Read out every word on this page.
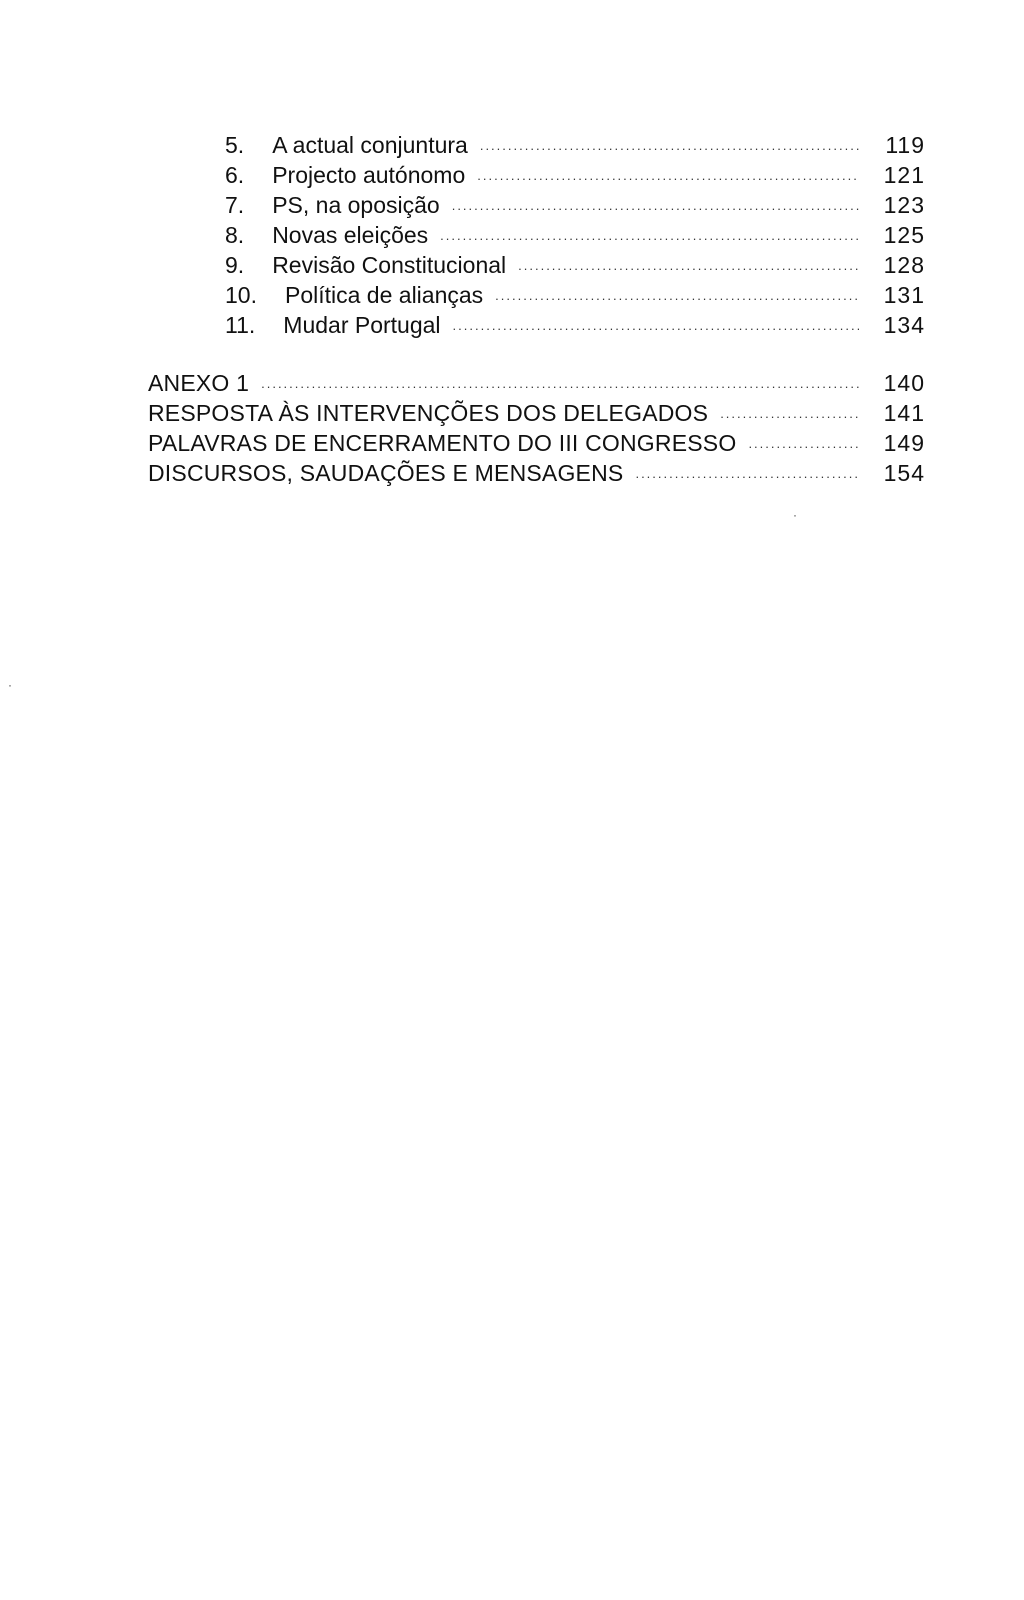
5. A actual conjuntura .....	119
6. Projecto autónomo .....	121
7. PS, na oposição .....	123
8. Novas eleições .....	125
9. Revisão Constitucional .....	128
10. Política de alianças .....	131
11. Mudar Portugal .....	134
ANEXO 1 .....	140
RESPOSTA ÀS INTERVENÇÕES DOS DELEGADOS .....	141
PALAVRAS DE ENCERRAMENTO DO III CONGRESSO .....	149
DISCURSOS, SAUDAÇÕES E MENSAGENS .....	154
·
·
